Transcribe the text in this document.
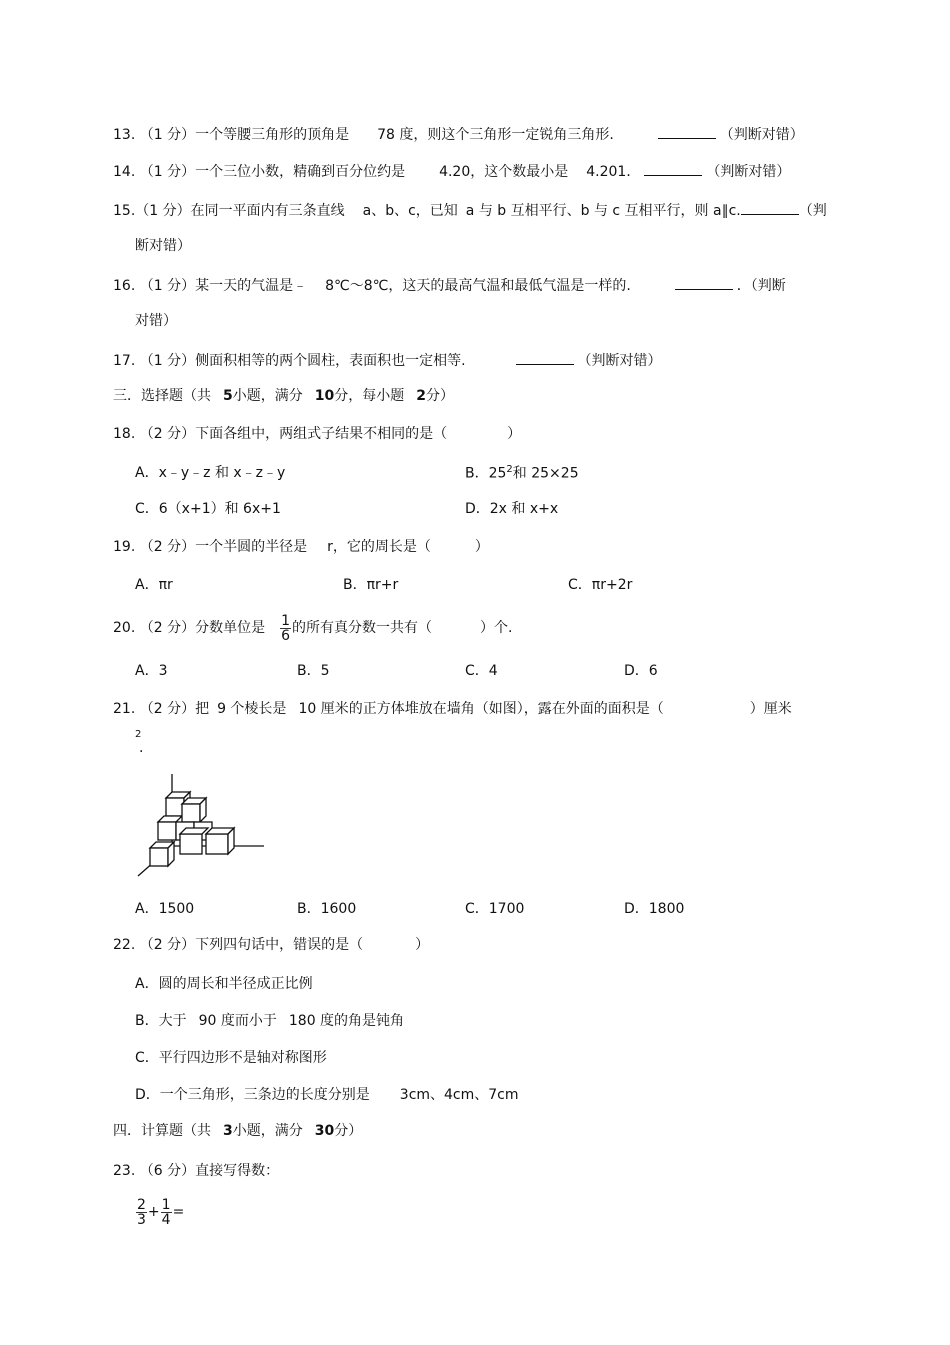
13. （1 分）一个等腰三角形的顶角是 78 度，则这个三角形一定锐角三角形.	（判断对错）
14. （1 分）一个三位小数，精确到百分位约是 4.20，这个数最小是 4.201．	（判断对错）
15.（1 分）在同一平面内有三条直线 a、b、c，已知 a 与 b 互相平行、b 与 c 互相平行，则 a∥c.	（判
断对错）
16. （1 分）某一天的气温是﹣ 8℃～8℃，这天的最高气温和最低气温是一样的.	．（判断
对错）
17. （1 分）侧面积相等的两个圆柱，表面积也一定相等.	（判断对错）
三．选择题（共 5小题，满分 10分，每小题 2分）
18. （2 分）下面各组中，两组式子结果不相同的是（	）
A．x﹣y﹣z 和 x﹣z﹣y	B．$25^2$和 25×25
C．6（x+1）和 6x+1	D．2x 和 x+x
19. （2 分）一个半圆的半径是 r，它的周长是（	）
A．πr	B．πr+r	C．πr+2r
20. （2 分）分数单位是 $\frac{1}{6}$ 的所有真分数一共有（	）个.
A．3	B．5	C．4	D．6
21. （2 分）把 9 个棱长是 10 厘米的正方体堆放在墙角（如图），露在外面的面积是（	）厘米
2
.
A．1500	B．1600	C．1700	D．1800
22. （2 分）下列四句话中，错误的是（	）
A．圆的周长和半径成正比例
B．大于 90 度而小于 180 度的角是钝角
C．平行四边形不是轴对称图形
D．一个三角形，三条边的长度分别是 3cm、4cm、7cm
四．计算题（共 3小题，满分 30分）
23. （6 分）直接写得数：
$\frac{2}{3} + \frac{1}{4}$ =
